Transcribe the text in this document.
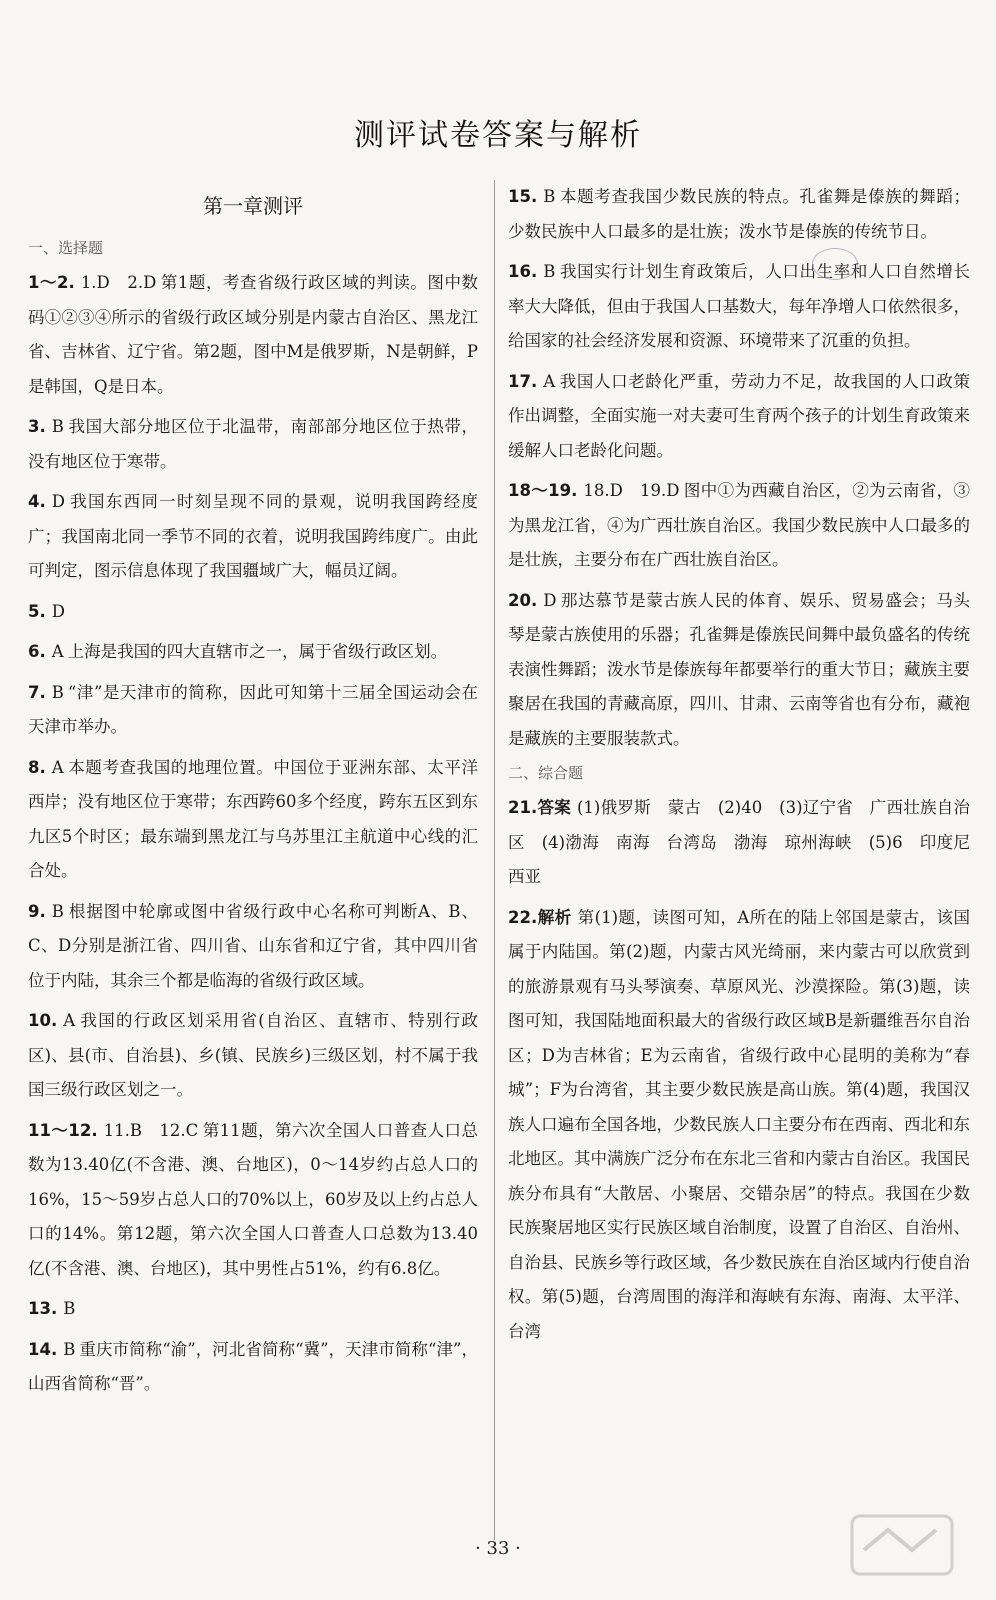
测评试卷答案与解析
第一章测评
一、选择题

1～2. 1.D　2.D 第1题，考查省级行政区域的判读。图中数码①②③④所示的省级行政区域分别是内蒙古自治区、黑龙江省、吉林省、辽宁省。第2题，图中M是俄罗斯，N是朝鲜，P是韩国，Q是日本。

3. B 我国大部分地区位于北温带，南部部分地区位于热带，没有地区位于寒带。

4. D 我国东西同一时刻呈现不同的景观，说明我国跨经度广；我国南北同一季节不同的衣着，说明我国跨纬度广。由此可判定，图示信息体现了我国疆域广大，幅员辽阔。

5. D

6. A 上海是我国的四大直辖市之一，属于省级行政区划。

7. B “津”是天津市的简称，因此可知第十三届全国运动会在天津市举办。

8. A 本题考查我国的地理位置。中国位于亚洲东部、太平洋西岸；没有地区位于寒带；东西跨60多个经度，跨东五区到东九区5个时区；最东端到黑龙江与乌苏里江主航道中心线的汇合处。

9. B 根据图中轮廓或图中省级行政中心名称可判断A、B、C、D分别是浙江省、四川省、山东省和辽宁省，其中四川省位于内陆，其余三个都是临海的省级行政区域。

10. A 我国的行政区划采用省(自治区、直辖市、特别行政区)、县(市、自治县)、乡(镇、民族乡)三级区划，村不属于我国三级行政区划之一。

11～12. 11.B　12.C 第11题，第六次全国人口普查人口总数为13.40亿(不含港、澳、台地区)，0～14岁约占总人口的16%，15～59岁占总人口的70%以上，60岁及以上约占总人口的14%。第12题，第六次全国人口普查人口总数为13.40亿(不含港、澳、台地区)，其中男性占51%，约有6.8亿。

13. B

14. B 重庆市简称“渝”，河北省简称“冀”，天津市简称“津”，山西省简称“晋”。

15. B 本题考查我国少数民族的特点。孔雀舞是傣族的舞蹈；少数民族中人口最多的是壮族；泼水节是傣族的传统节日。

16. B 我国实行计划生育政策后，人口出生率和人口自然增长率大大降低，但由于我国人口基数大，每年净增人口依然很多，给国家的社会经济发展和资源、环境带来了沉重的负担。

17. A 我国人口老龄化严重，劳动力不足，故我国的人口政策作出调整，全面实施一对夫妻可生育两个孩子的计划生育政策来缓解人口老龄化问题。

18～19. 18.D　19.D 图中①为西藏自治区，②为云南省，③为黑龙江省，④为广西壮族自治区。我国少数民族中人口最多的是壮族，主要分布在广西壮族自治区。

20. D 那达慕节是蒙古族人民的体育、娱乐、贸易盛会；马头琴是蒙古族使用的乐器；孔雀舞是傣族民间舞中最负盛名的传统表演性舞蹈；泼水节是傣族每年都要举行的重大节日；藏族主要聚居在我国的青藏高原，四川、甘肃、云南等省也有分布，藏袍是藏族的主要服装款式。

二、综合题

21.答案 (1)俄罗斯　蒙古　(2)40　(3)辽宁省　广西壮族自治区　(4)渤海　南海　台湾岛　渤海　琼州海峡　(5)6　印度尼西亚

22.解析 第(1)题，读图可知，A所在的陆上邻国是蒙古，该国属于内陆国。第(2)题，内蒙古风光绮丽，来内蒙古可以欣赏到的旅游景观有马头琴演奏、草原风光、沙漠探险。第(3)题，读图可知，我国陆地面积最大的省级行政区域B是新疆维吾尔自治区；D为吉林省；E为云南省，省级行政中心昆明的美称为“春城”；F为台湾省，其主要少数民族是高山族。第(4)题，我国汉族人口遍布全国各地，少数民族人口主要分布在西南、西北和东北地区。其中满族广泛分布在东北三省和内蒙古自治区。我国民族分布具有“大散居、小聚居、交错杂居”的特点。我国在少数民族聚居地区实行民族区域自治制度，设置了自治区、自治州、自治县、民族乡等行政区域，各少数民族在自治区域内行使自治权。第(5)题，台湾周围的海洋和海峡有东海、南海、太平洋、台湾

· 33 ·
